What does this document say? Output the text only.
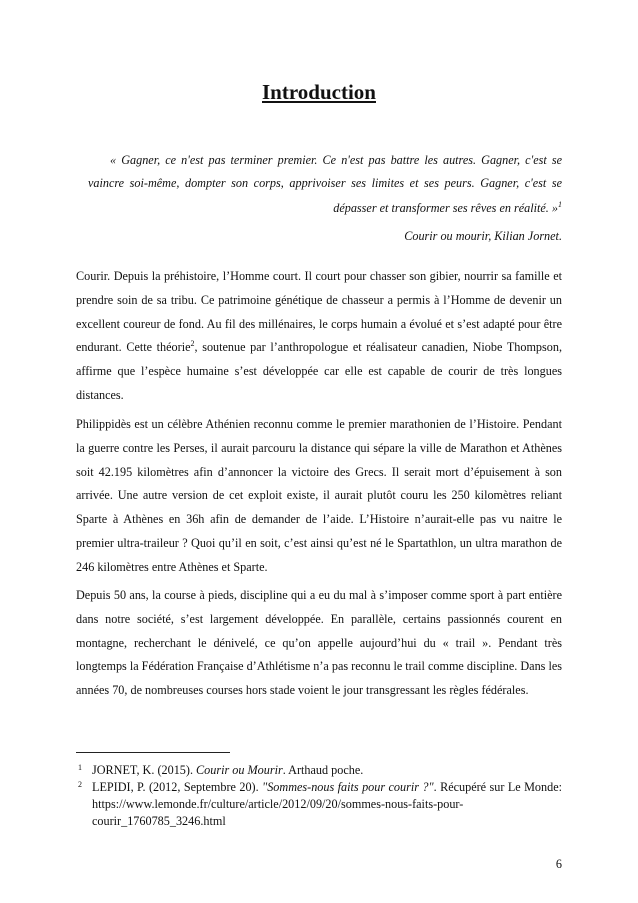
Introduction
« Gagner, ce n'est pas terminer premier. Ce n'est pas battre les autres. Gagner, c'est se
vaincre soi-même, dompter son corps, apprivoiser ses limites et ses peurs. Gagner, c'est se
dépasser et transformer ses rêves en réalité. »$^1$
Courir ou mourir, Kilian Jornet.

Courir. Depuis la préhistoire, l’Homme court. Il court pour chasser son gibier, nourrir sa famille et prendre soin de sa tribu. Ce patrimoine génétique de chasseur a permis à l’Homme de devenir un excellent coureur de fond. Au fil des millénaires, le corps humain a évolué et s’est adapté pour être endurant. Cette théorie$^2$, soutenue par l’anthropologue et réalisateur canadien, Niobe Thompson, affirme que l’espèce humaine s’est développée car elle est capable de courir de très longues distances.

Philippidès est un célèbre Athénien reconnu comme le premier marathonien de l’Histoire. Pendant la guerre contre les Perses, il aurait parcouru la distance qui sépare la ville de Marathon et Athènes soit 42.195 kilomètres afin d’annoncer la victoire des Grecs. Il serait mort d’épuisement à son arrivée. Une autre version de cet exploit existe, il aurait plutôt couru les 250 kilomètres reliant Sparte à Athènes en 36h afin de demander de l’aide. L’Histoire n’aurait-elle pas vu naitre le premier ultra-traileur ? Quoi qu’il en soit, c’est ainsi qu’est né le Spartathlon, un ultra marathon de 246 kilomètres entre Athènes et Sparte.

Depuis 50 ans, la course à pieds, discipline qui a eu du mal à s’imposer comme sport à part entière dans notre société, s’est largement développée. En parallèle, certains passionnés courent en montagne, recherchant le dénivelé, ce qu’on appelle aujourd’hui du « trail ». Pendant très longtemps la Fédération Française d’Athlétisme n’a pas reconnu le trail comme discipline. Dans les années 70, de nombreuses courses hors stade voient le jour transgressant les règles fédérales.

1 JORNET, K. (2015). Courir ou Mourir. Arthaud poche.
2 LEPIDI, P. (2012, Septembre 20). "Sommes-nous faits pour courir ?". Récupéré sur Le Monde: https://www.lemonde.fr/culture/article/2012/09/20/sommes-nous-faits-pour-courir_1760785_3246.html
6
